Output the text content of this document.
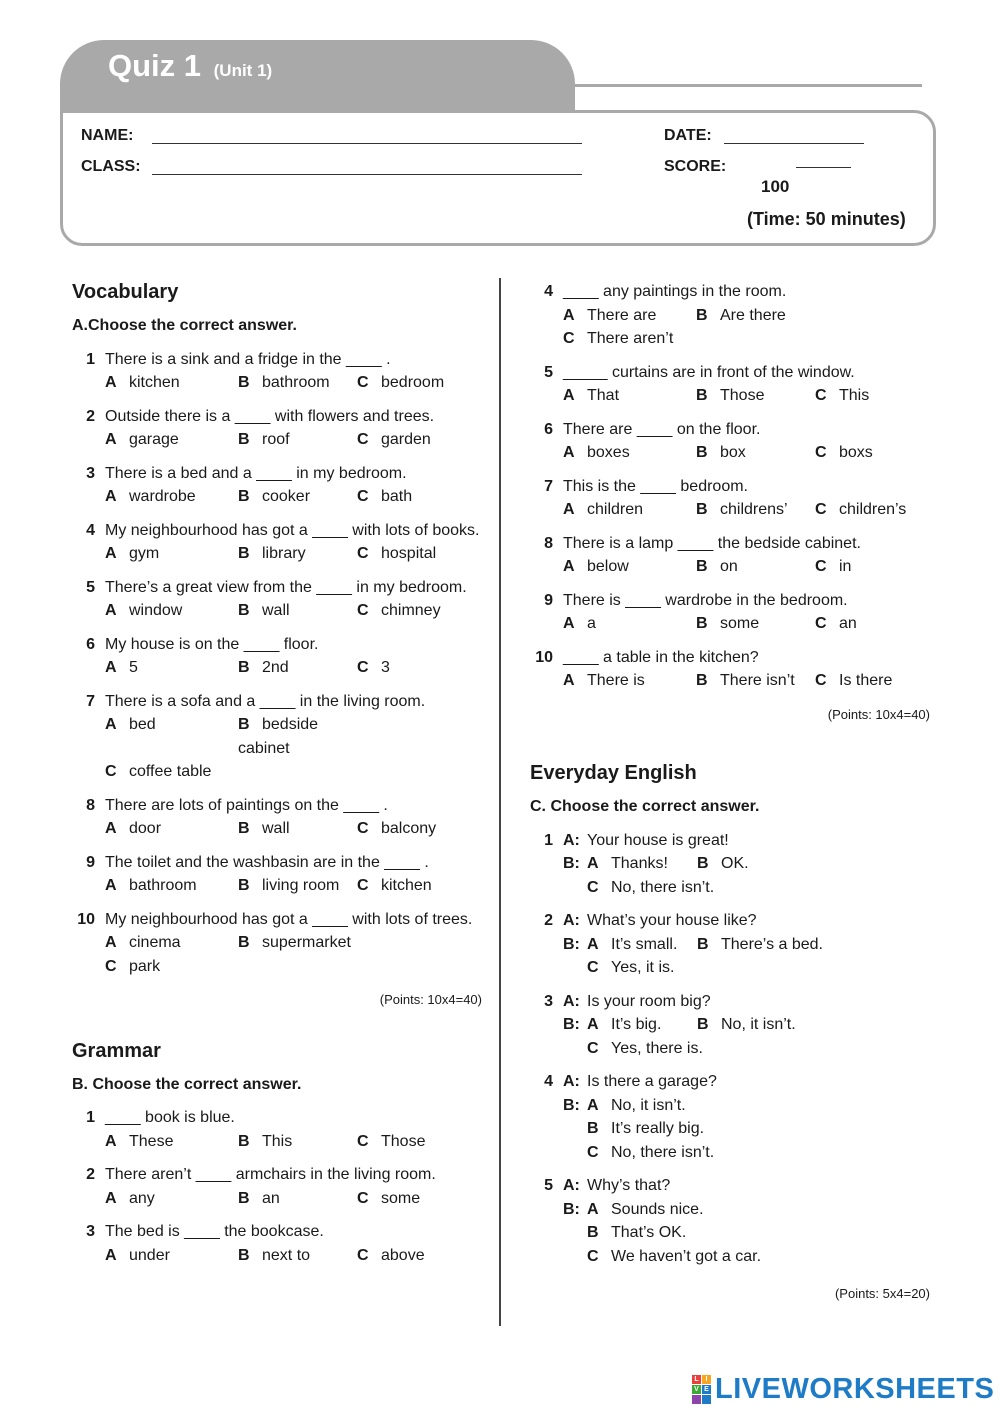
Quiz 1 (Unit 1)
NAME:
CLASS:
DATE:
SCORE:
100
(Time: 50 minutes)
Vocabulary
A.Choose the correct answer.
1 There is a sink and a fridge in the ____ .
A kitchen	B bathroom	C bedroom
2 Outside there is a ____ with flowers and trees.
A garage	B roof	C garden
3 There is a bed and a ____ in my bedroom.
A wardrobe	B cooker	C bath
4 My neighbourhood has got a ____ with lots of books.
A gym	B library	C hospital
5 There’s a great view from the ____ in my bedroom.
A window	B wall	C chimney
6 My house is on the ____ floor.
A 5	B 2nd	C 3
7 There is a sofa and a ____ in the living room.
A bed	B bedside cabinet
C coffee table
8 There are lots of paintings on the ____ .
A door	B wall	C balcony
9 The toilet and the washbasin are in the ____ .
A bathroom	B living room	C kitchen
10 My neighbourhood has got a ____ with lots of trees.
A cinema	B supermarket
C park
(Points: 10x4=40)
Grammar
B. Choose the correct answer.
1 ____ book is blue.
A These	B This	C Those
2 There aren’t ____ armchairs in the living room.
A any	B an	C some
3 The bed is ____ the bookcase.
A under	B next to	C above
4 ____ any paintings in the room.
A There are	B Are there
C There aren’t
5 _____ curtains are in front of the window.
A That	B Those	C This
6 There are ____ on the floor.
A boxes	B box	C boxs
7 This is the ____ bedroom.
A children	B childrens’	C children’s
8 There is a lamp ____ the bedside cabinet.
A below	B on	C in
9 There is ____ wardrobe in the bedroom.
A a	B some	C an
10 ____ a table in the kitchen?
A There is	B There isn’t	C Is there
(Points: 10x4=40)
Everyday English
C. Choose the correct answer.
1 A: Your house is great!
B: A Thanks!	B OK.
C No, there isn’t.
2 A: What’s your house like?
B: A It’s small.	B There’s a bed.
C Yes, it is.
3 A: Is your room big?
B: A It’s big.	B No, it isn’t.
C Yes, there is.
4 A: Is there a garage?
B: A No, it isn’t.
B It’s really big.
C No, there isn’t.
5 A: Why’s that?
B: A Sounds nice.
B That’s OK.
C We haven’t got a car.
(Points: 5x4=20)
L I
V E LIVEWORKSHEETS
